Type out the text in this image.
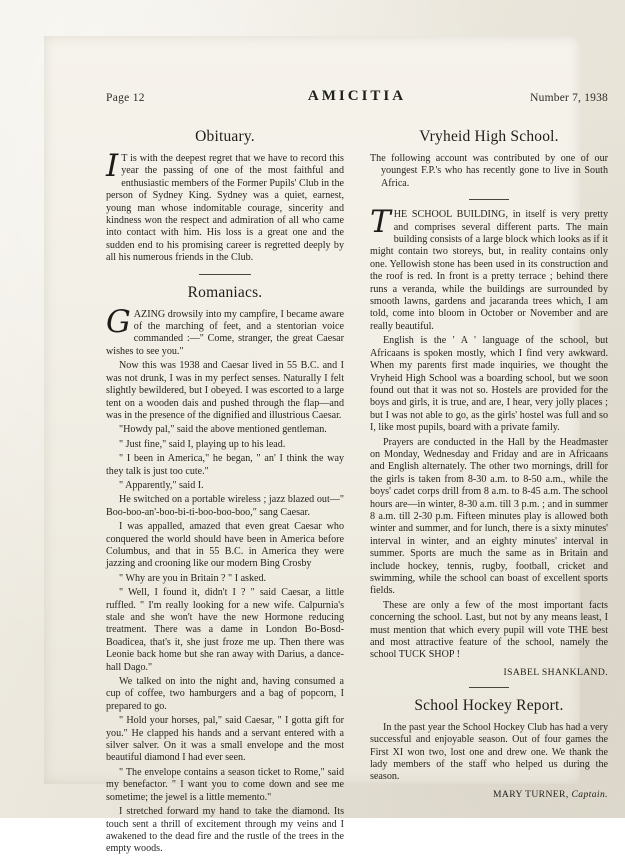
Page 12	AMICITIA	Number 7, 1938
Obituary.
I T is with the deepest regret that we have to record this year the passing of one of the most faithful and enthusiastic members of the Former Pupils' Club in the person of Sydney King. Sydney was a quiet, earnest, young man whose indomitable courage, sincerity and kindness won the respect and admiration of all who came into contact with him. His loss is a great one and the sudden end to his promising career is regretted deeply by all his numerous friends in the Club.
Romaniacs.
GAZING drowsily into my campfire, I became aware of the marching of feet, and a stentorian voice commanded :—" Come, stranger, the great Caesar wishes to see you."

Now this was 1938 and Caesar lived in 55 B.C. and I was not drunk, I was in my perfect senses. Naturally I felt slightly bewildered, but I obeyed. I was escorted to a large tent on a wooden dais and pushed through the flap—and was in the presence of the dignified and illustrious Caesar.

"Howdy pal," said the above mentioned gentleman.

" Just fine," said I, playing up to his lead.

" I been in America," he began, " an' I think the way they talk is just too cute."

" Apparently," said I.

He switched on a portable wireless ; jazz blazed out—" Boo-boo-an'-boo-bi-ti-boo-boo-boo," sang Caesar.

I was appalled, amazed that even great Caesar who conquered the world should have been in America before Columbus, and that in 55 B.C. in America they were jazzing and crooning like our modern Bing Crosby

" Why are you in Britain ? " I asked.

" Well, I found it, didn't I ? " said Caesar, a little ruffled. " I'm really looking for a new wife. Calpurnia's stale and she won't have the new Hormone reducing treatment. There was a dame in London Bo-Bosd-Boadicea, that's it, she just froze me up. Then there was Leonie back home but she ran away with Darius, a dance-hall Dago."

We talked on into the night and, having consumed a cup of coffee, two hamburgers and a bag of popcorn, I prepared to go.

" Hold your horses, pal," said Caesar, " I gotta gift for you." He clapped his hands and a servant entered with a silver salver. On it was a small envelope and the most beautiful diamond I had ever seen.

" The envelope contains a season ticket to Rome," said my benefactor. " I want you to come down and see me sometime; the jewel is a little memento."

I stretched forward my hand to take the diamond. Its touch sent a thrill of excitement through my veins and I awakened to the dead fire and the rustle of the trees in the empty woods.

Vryheid High School.

The following account was contributed by one of our youngest F.P.'s who has recently gone to live in South Africa.

THE SCHOOL BUILDING, in itself is very pretty and comprises several different parts. The main building consists of a large block which looks as if it might contain two storeys, but, in reality contains only one. Yellowish stone has been used in its construction and the roof is red. In front is a pretty terrace ; behind there runs a veranda, while the buildings are surrounded by smooth lawns, gardens and jacaranda trees which, I am told, come into bloom in October or November and are really beautiful.

English is the ' A ' language of the school, but Africaans is spoken mostly, which I find very awkward. When my parents first made inquiries, we thought the Vryheid High School was a boarding school, but we soon found out that it was not so. Hostels are provided for the boys and girls, it is true, and are, I hear, very jolly places ; but I was not able to go, as the girls' hostel was full and so I, like most pupils, board with a private family.

Prayers are conducted in the Hall by the Headmaster on Monday, Wednesday and Friday and are in Africaans and English alternately. The other two mornings, drill for the girls is taken from 8-30 a.m. to 8-50 a.m., while the boys' cadet corps drill from 8 a.m. to 8-45 a.m. The school hours are—in winter, 8-30 a.m. till 3 p.m. ; and in summer 8 a.m. till 2-30 p.m. Fifteen minutes play is allowed both winter and summer, and for lunch, there is a sixty minutes' interval in winter, and an eighty minutes' interval in summer. Sports are much the same as in Britain and include hockey, tennis, rugby, football, cricket and swimming, while the school can boast of excellent sports fields.

These are only a few of the most important facts concerning the school. Last, but not by any means least, I must mention that which every pupil will vote THE best and most attractive feature of the school, namely the school TUCK SHOP !

ISABEL SHANKLAND.
School Hockey Report.

In the past year the School Hockey Club has had a very successful and enjoyable season. Out of four games the First XI won two, lost one and drew one. We thank the lady members of the staff who helped us during the season.

MARY TURNER, Captain.
